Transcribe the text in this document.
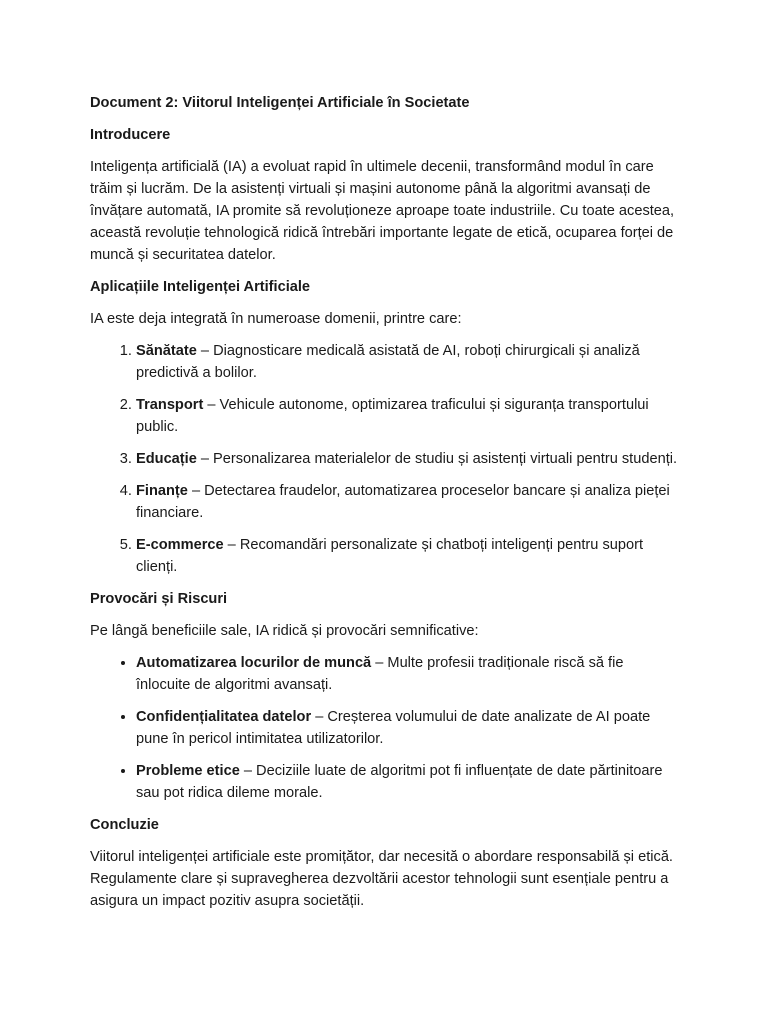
Document 2: Viitorul Inteligenței Artificiale în Societate
Introducere

Inteligența artificială (IA) a evoluat rapid în ultimele decenii, transformând modul în care trăim și lucrăm. De la asistenți virtuali și mașini autonome până la algoritmi avansați de învățare automată, IA promite să revoluționeze aproape toate industriile. Cu toate acestea, această revoluție tehnologică ridică întrebări importante legate de etică, ocuparea forței de muncă și securitatea datelor.

Aplicațiile Inteligenței Artificiale

IA este deja integrată în numeroase domenii, printre care:

1. Sănătate – Diagnosticare medicală asistată de AI, roboți chirurgicali și analiză predictivă a bolilor.
2. Transport – Vehicule autonome, optimizarea traficului și siguranța transportului public.
3. Educație – Personalizarea materialelor de studiu și asistenți virtuali pentru studenți.
4. Finanțe – Detectarea fraudelor, automatizarea proceselor bancare și analiza pieței financiare.
5. E-commerce – Recomandări personalizate și chatboți inteligenți pentru suport clienți.
Provocări și Riscuri

Pe lângă beneficiile sale, IA ridică și provocări semnificative:

• Automatizarea locurilor de muncă – Multe profesii tradiționale riscă să fie înlocuite de algoritmi avansați.
• Confidențialitatea datelor – Creșterea volumului de date analizate de AI poate pune în pericol intimitatea utilizatorilor.
• Probleme etice – Deciziile luate de algoritmi pot fi influențate de date părtinitoare sau pot ridica dileme morale.
Concluzie

Viitorul inteligenței artificiale este promițător, dar necesită o abordare responsabilă și etică. Regulamente clare și supravegherea dezvoltării acestor tehnologii sunt esențiale pentru a asigura un impact pozitiv asupra societății.
